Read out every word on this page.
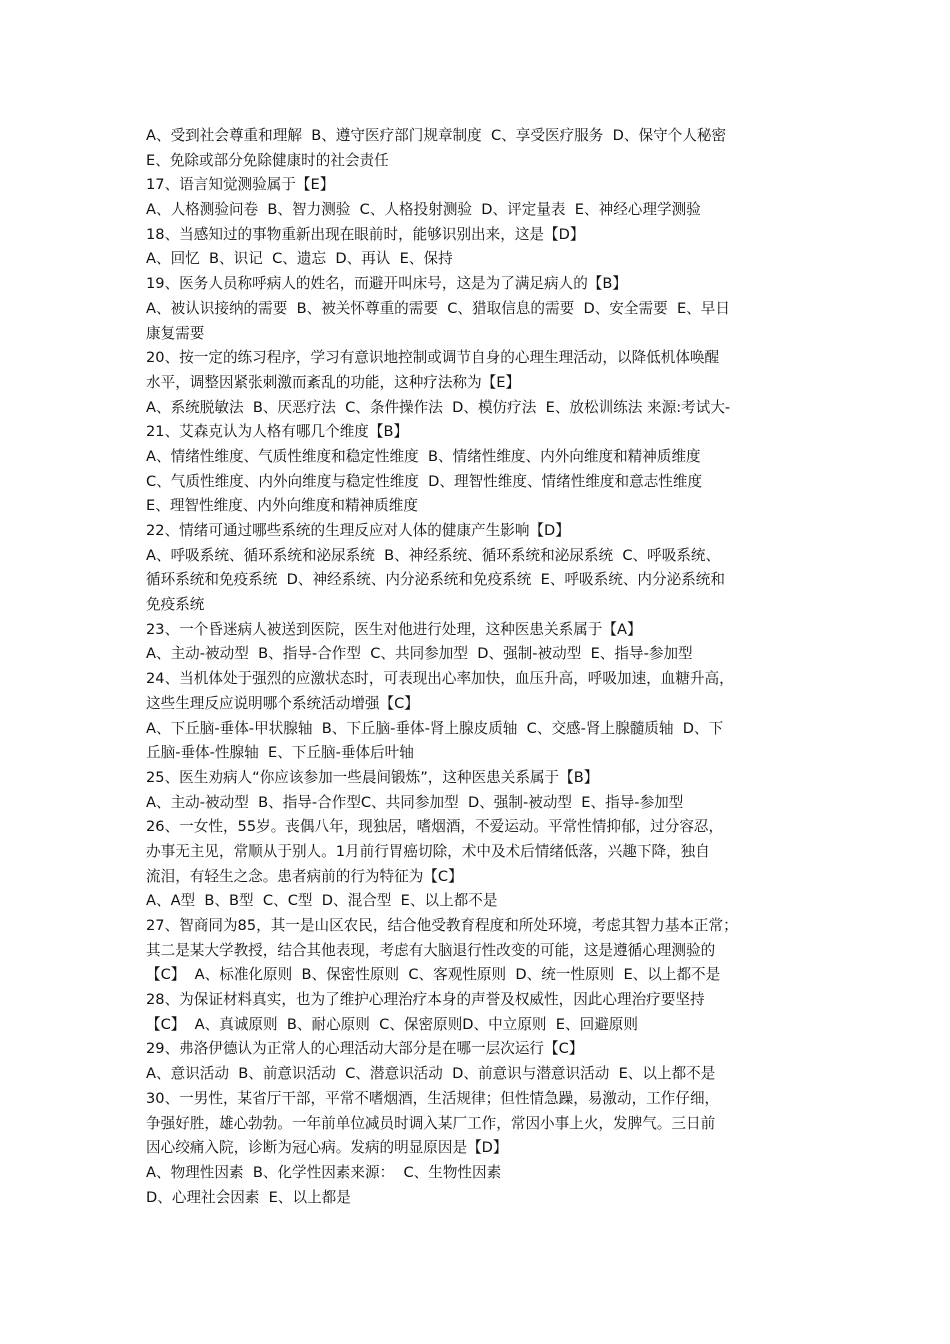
A、受到社会尊重和理解  B、遵守医疗部门规章制度  C、享受医疗服务  D、保守个人秘密
E、免除或部分免除健康时的社会责任
17、语言知觉测验属于【E】
A、人格测验问卷  B、智力测验  C、人格投射测验  D、评定量表  E、神经心理学测验
18、当感知过的事物重新出现在眼前时，能够识别出来，这是【D】
A、回忆  B、识记  C、遗忘  D、再认  E、保持
19、医务人员称呼病人的姓名，而避开叫床号，这是为了满足病人的【B】
A、被认识接纳的需要  B、被关怀尊重的需要  C、猎取信息的需要  D、安全需要  E、早日
康复需要
20、按一定的练习程序，学习有意识地控制或调节自身的心理生理活动，以降低机体唤醒
水平，调整因紧张刺激而紊乱的功能，这种疗法称为【E】
A、系统脱敏法  B、厌恶疗法  C、条件操作法  D、模仿疗法  E、放松训练法 来源:考试大-
21、艾森克认为人格有哪几个维度【B】
A、情绪性维度、气质性维度和稳定性维度  B、情绪性维度、内外向维度和精神质维度
C、气质性维度、内外向维度与稳定性维度  D、理智性维度、情绪性维度和意志性维度
E、理智性维度、内外向维度和精神质维度
22、情绪可通过哪些系统的生理反应对人体的健康产生影响【D】
A、呼吸系统、循环系统和泌尿系统  B、神经系统、循环系统和泌尿系统  C、呼吸系统、
循环系统和免疫系统  D、神经系统、内分泌系统和免疫系统  E、呼吸系统、内分泌系统和
免疫系统
23、一个昏迷病人被送到医院，医生对他进行处理，这种医患关系属于【A】
A、主动-被动型  B、指导-合作型  C、共同参加型  D、强制-被动型  E、指导-参加型
24、当机体处于强烈的应激状态时，可表现出心率加快，血压升高，呼吸加速，血糖升高，
这些生理反应说明哪个系统活动增强【C】
A、下丘脑-垂体-甲状腺轴  B、下丘脑-垂体-肾上腺皮质轴  C、交感-肾上腺髓质轴  D、下
丘脑-垂体-性腺轴  E、下丘脑-垂体后叶轴
25、医生劝病人“你应该参加一些晨间锻炼”，这种医患关系属于【B】
A、主动-被动型  B、指导-合作型C、共同参加型  D、强制-被动型  E、指导-参加型
26、一女性，55岁。丧偶八年，现独居，嗜烟酒，不爱运动。平常性情抑郁，过分容忍，
办事无主见，常顺从于别人。1月前行胃癌切除，术中及术后情绪低落，兴趣下降，独自
流泪，有轻生之念。患者病前的行为特征为【C】
A、A型  B、B型  C、C型  D、混合型  E、以上都不是
27、智商同为85，其一是山区农民，结合他受教育程度和所处环境，考虑其智力基本正常；
其二是某大学教授，结合其他表现，考虑有大脑退行性改变的可能，这是遵循心理测验的
【C】  A、标准化原则  B、保密性原则  C、客观性原则  D、统一性原则  E、以上都不是
28、为保证材料真实，也为了维护心理治疗本身的声誉及权威性，因此心理治疗要坚持
【C】  A、真诚原则  B、耐心原则  C、保密原则D、中立原则  E、回避原则
29、弗洛伊德认为正常人的心理活动大部分是在哪一层次运行【C】
A、意识活动  B、前意识活动  C、潜意识活动  D、前意识与潜意识活动  E、以上都不是
30、一男性，某省厅干部，平常不嗜烟酒，生活规律；但性情急躁，易激动，工作仔细，
争强好胜，雄心勃勃。一年前单位减员时调入某厂工作，常因小事上火，发脾气。三日前
因心绞痛入院，诊断为冠心病。发病的明显原因是【D】
A、物理性因素  B、化学性因素来源：  C、生物性因素
D、心理社会因素  E、以上都是
